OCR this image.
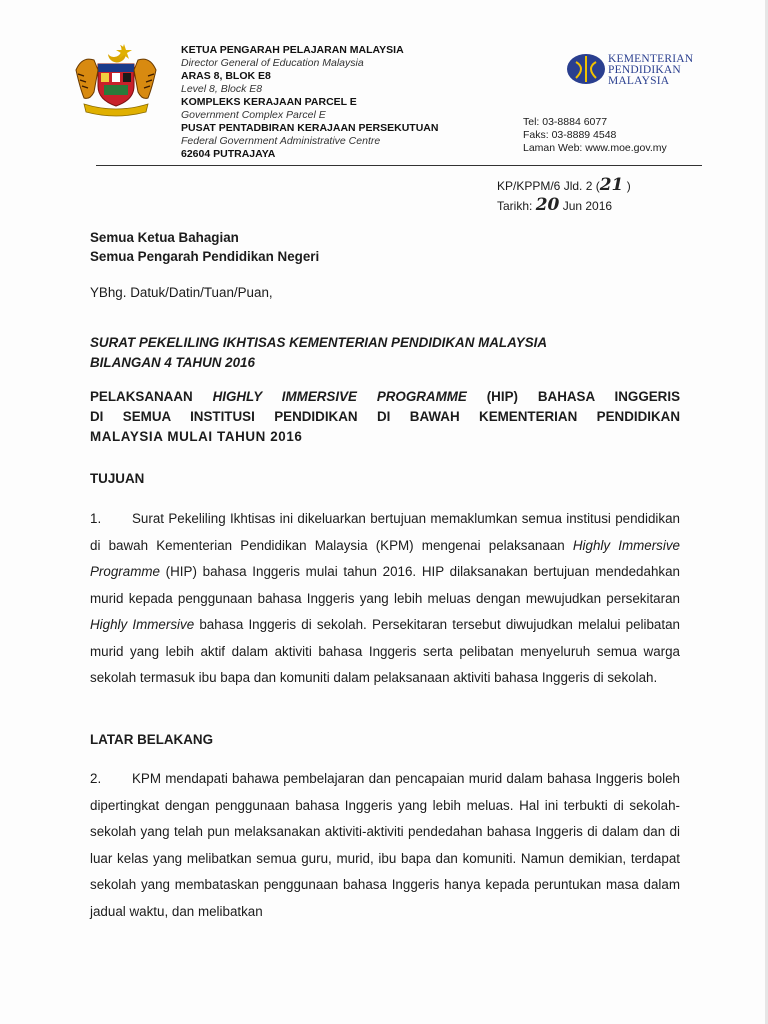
KETUA PENGARAH PELAJARAN MALAYSIA
Director General of Education Malaysia
ARAS 8, BLOK E8
Level 8, Block E8
KOMPLEKS KERAJAAN PARCEL E
Government Complex Parcel E
PUSAT PENTADBIRAN KERAJAAN PERSEKUTUAN
Federal Government Administrative Centre
62604 PUTRAJAYA
KEMENTERIAN
PENDIDIKAN
MALAYSIA
Tel: 03-8884 6077
Faks: 03-8889 4548
Laman Web: www.moe.gov.my
KP/KPPM/6 Jld. 2 (21 )
Tarikh: 20 Jun 2016
Semua Ketua Bahagian
Semua Pengarah Pendidikan Negeri
YBhg. Datuk/Datin/Tuan/Puan,
SURAT PEKELILING IKHTISAS KEMENTERIAN PENDIDIKAN MALAYSIA
BILANGAN 4 TAHUN 2016
PELAKSANAAN HIGHLY IMMERSIVE PROGRAMME (HIP) BAHASA INGGERIS
DI SEMUA INSTITUSI PENDIDIKAN DI BAWAH KEMENTERIAN PENDIDIKAN
MALAYSIA MULAI TAHUN 2016
TUJUAN
1. Surat Pekeliling Ikhtisas ini dikeluarkan bertujuan memaklumkan semua institusi pendidikan di bawah Kementerian Pendidikan Malaysia (KPM) mengenai pelaksanaan Highly Immersive Programme (HIP) bahasa Inggeris mulai tahun 2016. HIP dilaksanakan bertujuan mendedahkan murid kepada penggunaan bahasa Inggeris yang lebih meluas dengan mewujudkan persekitaran Highly Immersive bahasa Inggeris di sekolah. Persekitaran tersebut diwujudkan melalui pelibatan murid yang lebih aktif dalam aktiviti bahasa Inggeris serta pelibatan menyeluruh semua warga sekolah termasuk ibu bapa dan komuniti dalam pelaksanaan aktiviti bahasa Inggeris di sekolah.
LATAR BELAKANG
2. KPM mendapati bahawa pembelajaran dan pencapaian murid dalam bahasa Inggeris boleh dipertingkat dengan penggunaan bahasa Inggeris yang lebih meluas. Hal ini terbukti di sekolah-sekolah yang telah pun melaksanakan aktiviti-aktiviti pendedahan bahasa Inggeris di dalam dan di luar kelas yang melibatkan semua guru, murid, ibu bapa dan komuniti. Namun demikian, terdapat sekolah yang membataskan penggunaan bahasa Inggeris hanya kepada peruntukan masa dalam jadual waktu, dan melibatkan
